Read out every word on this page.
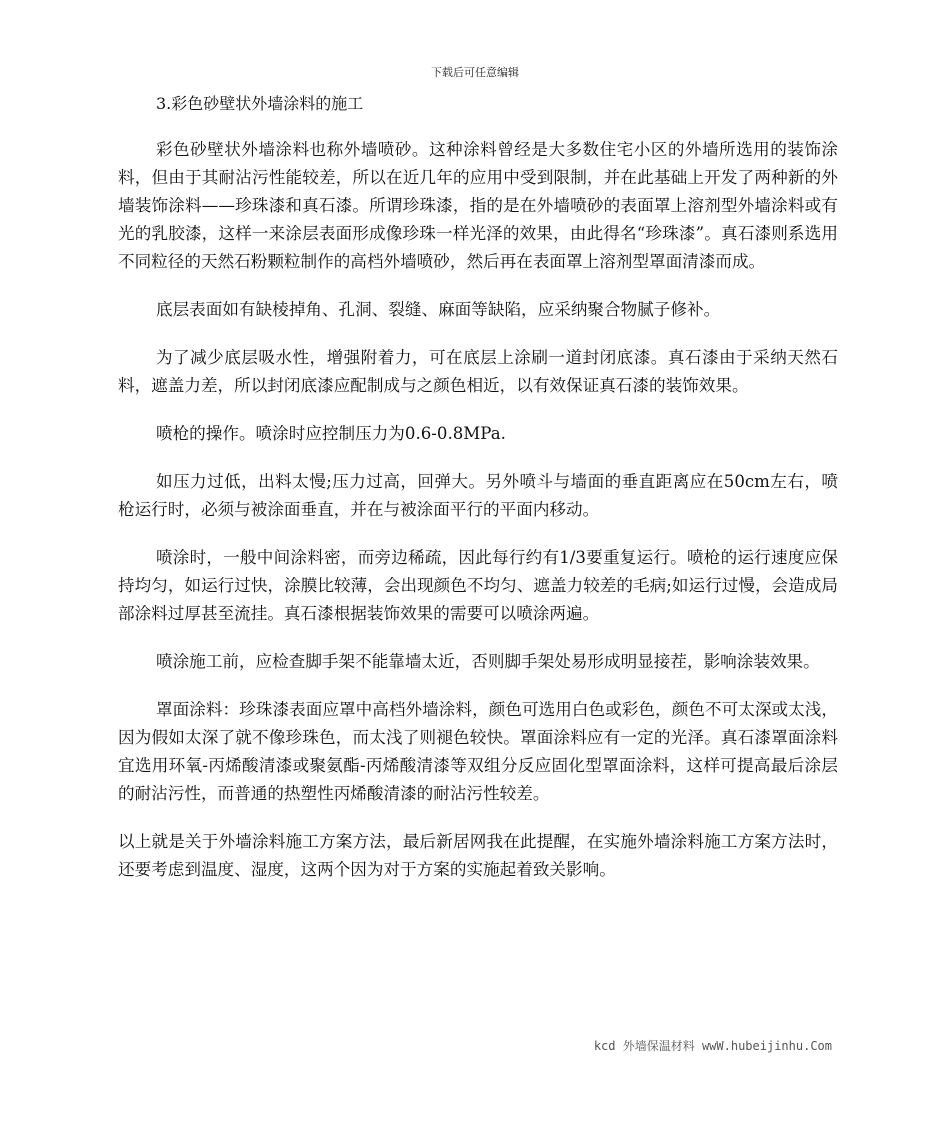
下载后可任意编辑
3.彩色砂壁状外墙涂料的施工

彩色砂壁状外墙涂料也称外墙喷砂。这种涂料曾经是大多数住宅小区的外墙所选用的装饰涂料，但由于其耐沾污性能较差，所以在近几年的应用中受到限制，并在此基础上开发了两种新的外墙装饰涂料——珍珠漆和真石漆。所谓珍珠漆，指的是在外墙喷砂的表面罩上溶剂型外墙涂料或有光的乳胶漆，这样一来涂层表面形成像珍珠一样光泽的效果，由此得名“珍珠漆”。真石漆则系选用不同粒径的天然石粉颗粒制作的高档外墙喷砂，然后再在表面罩上溶剂型罩面清漆而成。

底层表面如有缺棱掉角、孔洞、裂缝、麻面等缺陷，应采纳聚合物腻子修补。

为了减少底层吸水性，增强附着力，可在底层上涂刷一道封闭底漆。真石漆由于采纳天然石料，遮盖力差，所以封闭底漆应配制成与之颜色相近，以有效保证真石漆的装饰效果。

喷枪的操作。喷涂时应控制压力为0.6-0.8MPa.

如压力过低，出料太慢;压力过高，回弹大。另外喷斗与墙面的垂直距离应在50cm左右，喷枪运行时，必须与被涂面垂直，并在与被涂面平行的平面内移动。

喷涂时，一般中间涂料密，而旁边稀疏，因此每行约有1/3要重复运行。喷枪的运行速度应保持均匀，如运行过快，涂膜比较薄，会出现颜色不均匀、遮盖力较差的毛病;如运行过慢，会造成局部涂料过厚甚至流挂。真石漆根据装饰效果的需要可以喷涂两遍。

喷涂施工前，应检查脚手架不能靠墙太近，否则脚手架处易形成明显接茬，影响涂装效果。

罩面涂料：珍珠漆表面应罩中高档外墙涂料，颜色可选用白色或彩色，颜色不可太深或太浅，因为假如太深了就不像珍珠色，而太浅了则褪色较快。罩面涂料应有一定的光泽。真石漆罩面涂料宜选用环氧-丙烯酸清漆或聚氨酯-丙烯酸清漆等双组分反应固化型罩面涂料，这样可提高最后涂层的耐沾污性，而普通的热塑性丙烯酸清漆的耐沾污性较差。

以上就是关于外墙涂料施工方案方法，最后新居网我在此提醒，在实施外墙涂料施工方案方法时，还要考虑到温度、湿度，这两个因为对于方案的实施起着致关影响。

kcd 外墙保温材料 wwW.hubeijinhu.Com
